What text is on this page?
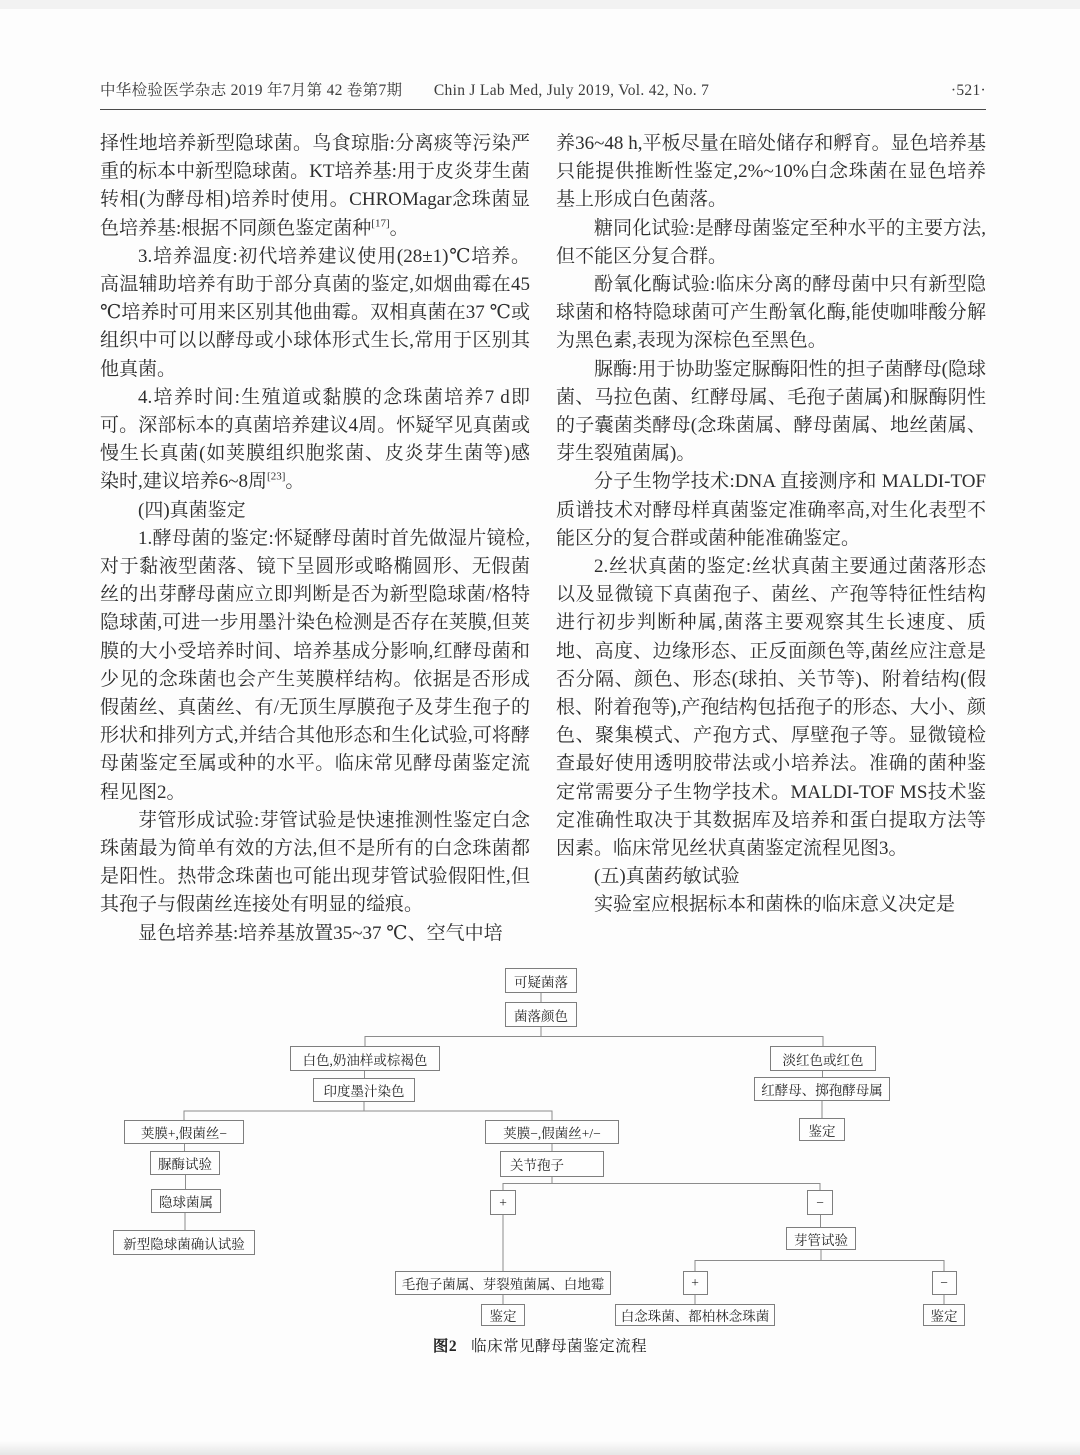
中华检验医学杂志 2019 年7月第 42 卷第7期　　Chin J Lab Med, July 2019, Vol. 42, No. 7	·521·

择性地培养新型隐球菌。鸟食琼脂:分离痰等污染严重的标本中新型隐球菌。KT培养基:用于皮炎芽生菌转相(为酵母相)培养时使用。CHROMagar念珠菌显色培养基:根据不同颜色鉴定菌种[17]。

3.培养温度:初代培养建议使用(28±1)℃培养。高温辅助培养有助于部分真菌的鉴定,如烟曲霉在45 ℃培养时可用来区别其他曲霉。双相真菌在37 ℃或组织中可以以酵母或小球体形式生长,常用于区别其他真菌。

4.培养时间:生殖道或黏膜的念珠菌培养7 d即可。深部标本的真菌培养建议4周。怀疑罕见真菌或慢生长真菌(如荚膜组织胞浆菌、皮炎芽生菌等)感染时,建议培养6~8周[23]。

(四)真菌鉴定

1.酵母菌的鉴定:怀疑酵母菌时首先做湿片镜检,对于黏液型菌落、镜下呈圆形或略椭圆形、无假菌丝的出芽酵母菌应立即判断是否为新型隐球菌/格特隐球菌,可进一步用墨汁染色检测是否存在荚膜,但荚膜的大小受培养时间、培养基成分影响,红酵母菌和少见的念珠菌也会产生荚膜样结构。依据是否形成假菌丝、真菌丝、有/无顶生厚膜孢子及芽生孢子的形状和排列方式,并结合其他形态和生化试验,可将酵母菌鉴定至属或种的水平。临床常见酵母菌鉴定流程见图2。

芽管形成试验:芽管试验是快速推测性鉴定白念珠菌最为简单有效的方法,但不是所有的白念珠菌都是阳性。热带念珠菌也可能出现芽管试验假阳性,但其孢子与假菌丝连接处有明显的缢痕。

显色培养基:培养基放置35~37 ℃、空气中培

养36~48 h,平板尽量在暗处储存和孵育。显色培养基只能提供推断性鉴定,2%~10%白念珠菌在显色培养基上形成白色菌落。

糖同化试验:是酵母菌鉴定至种水平的主要方法,但不能区分复合群。

酚氧化酶试验:临床分离的酵母菌中只有新型隐球菌和格特隐球菌可产生酚氧化酶,能使咖啡酸分解为黑色素,表现为深棕色至黑色。

脲酶:用于协助鉴定脲酶阳性的担子菌酵母(隐球菌、马拉色菌、红酵母属、毛孢子菌属)和脲酶阴性的子囊菌类酵母(念珠菌属、酵母菌属、地丝菌属、芽生裂殖菌属)。

分子生物学技术:DNA 直接测序和 MALDI-TOF 质谱技术对酵母样真菌鉴定准确率高,对生化表型不能区分的复合群或菌种能准确鉴定。

2.丝状真菌的鉴定:丝状真菌主要通过菌落形态以及显微镜下真菌孢子、菌丝、产孢等特征性结构进行初步判断种属,菌落主要观察其生长速度、质地、高度、边缘形态、正反面颜色等,菌丝应注意是否分隔、颜色、形态(球拍、关节等)、附着结构(假根、附着孢等),产孢结构包括孢子的形态、大小、颜色、聚集模式、产孢方式、厚壁孢子等。显微镜检查最好使用透明胶带法或小培养法。准确的菌种鉴定常需要分子生物学技术。MALDI-TOF MS技术鉴定准确性取决于其数据库及培养和蛋白提取方法等因素。临床常见丝状真菌鉴定流程见图3。

(五)真菌药敏试验

实验室应根据标本和菌株的临床意义决定是

可疑菌落
菌落颜色
白色,奶油样或棕褐色	淡红色或红色
印度墨汁染色	红酵母、掷孢酵母属
荚膜+,假菌丝−	荚膜−,假菌丝+/−	鉴定
脲酶试验	关节孢子
隐球菌属	+	−
新型隐球菌确认试验	芽管试验
毛孢子菌属、芽裂殖菌属、白地霉	+	−
鉴定	白念珠菌、都柏林念珠菌	鉴定
图2 临床常见酵母菌鉴定流程
